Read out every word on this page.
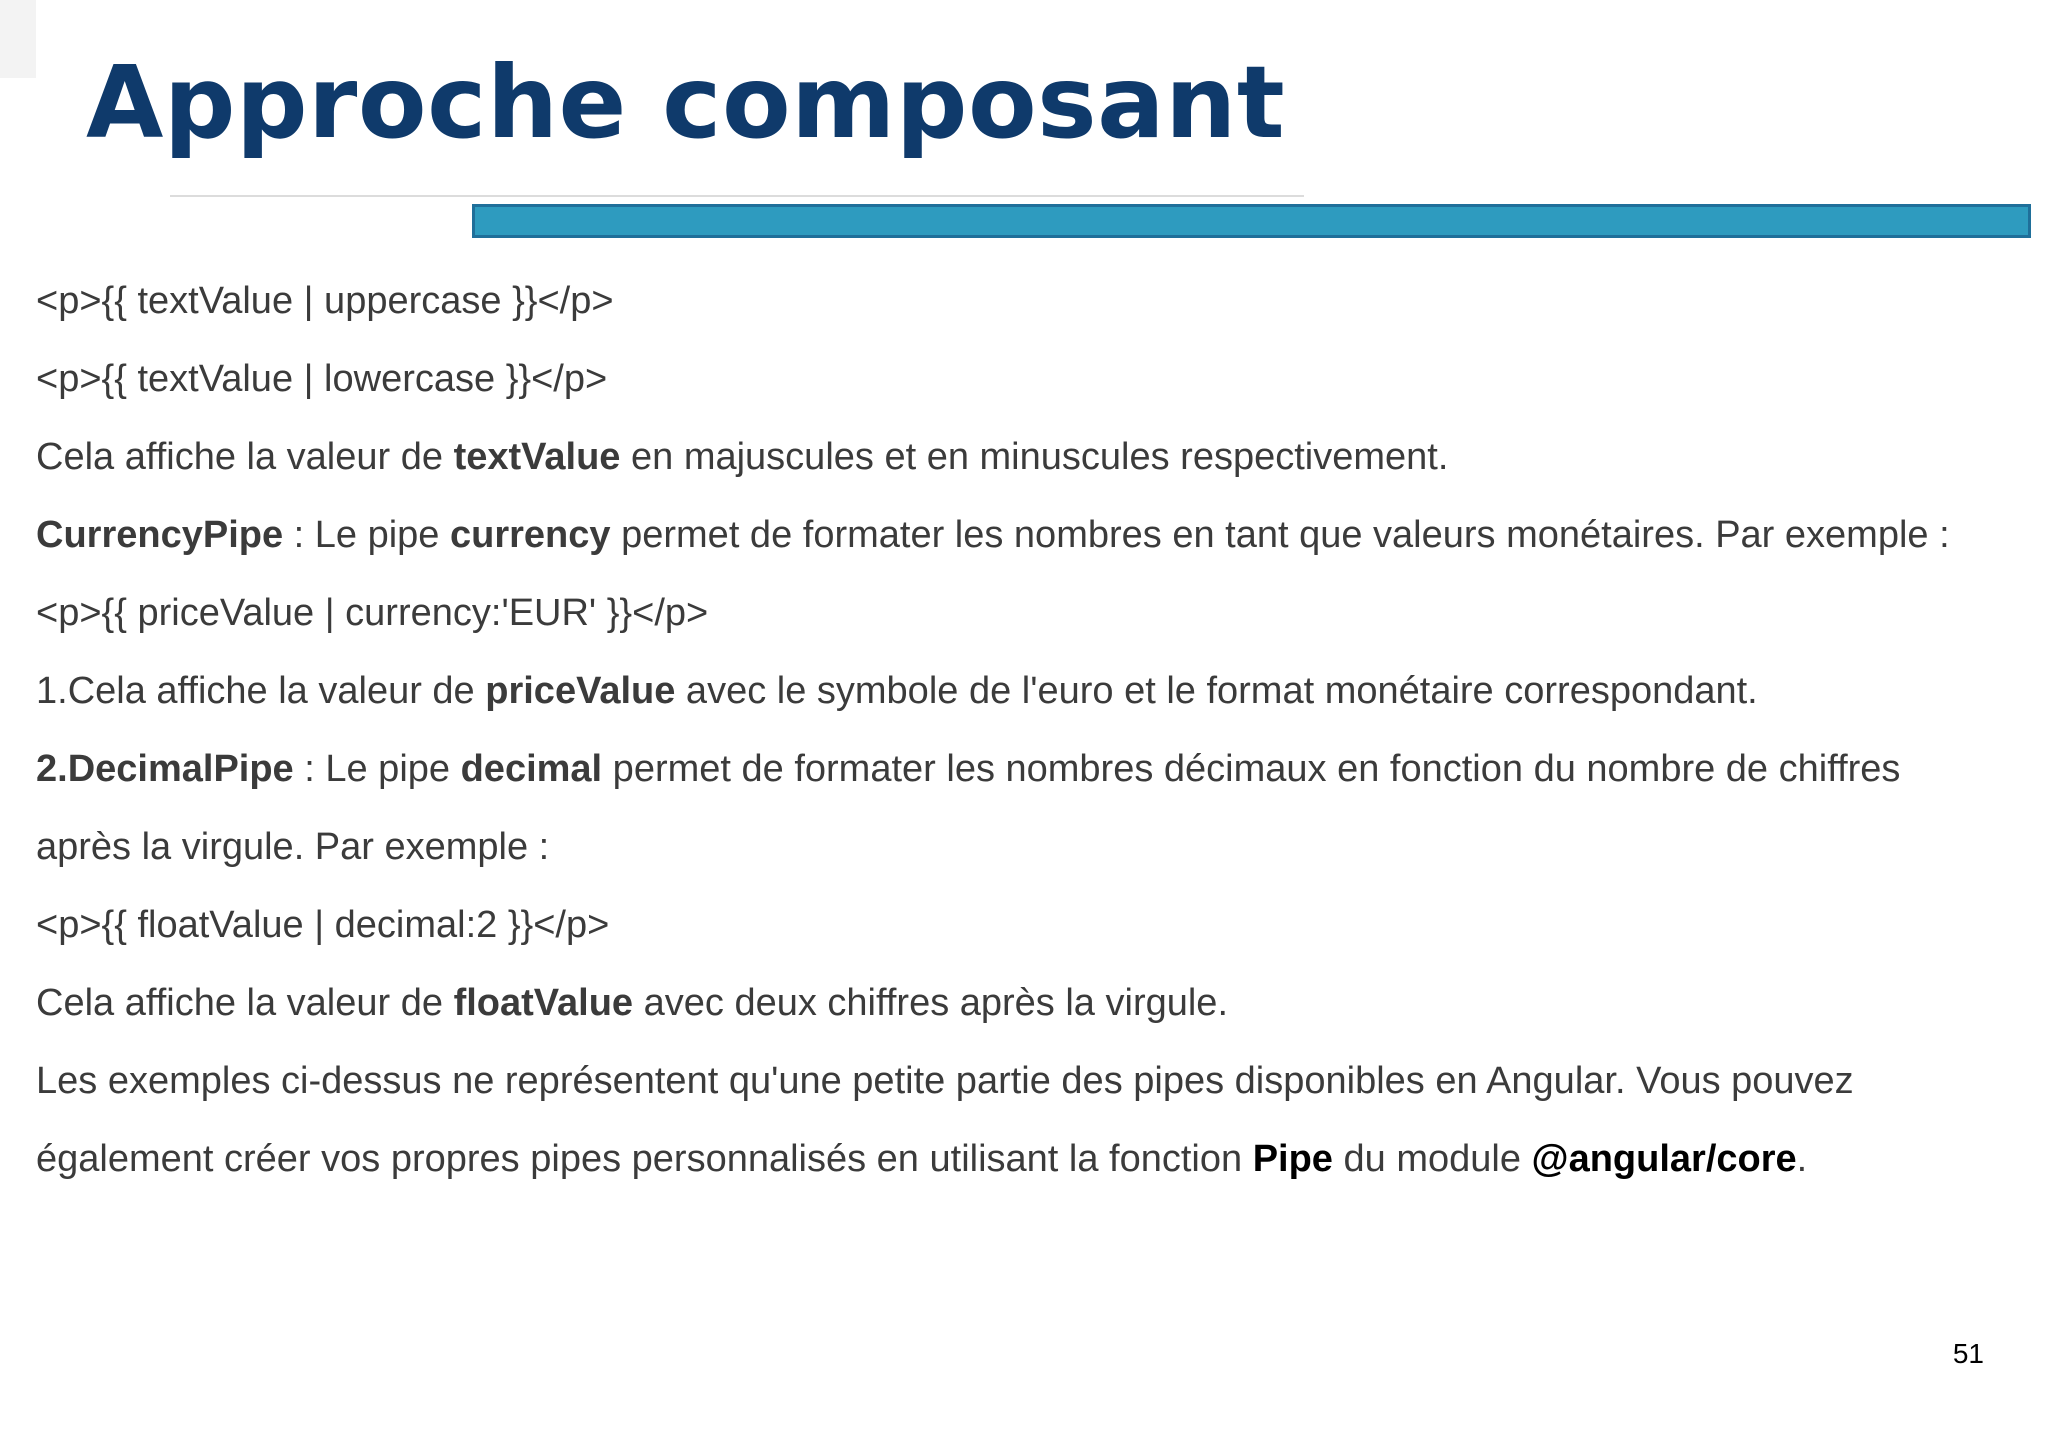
Approche composant
<p>{{ textValue | uppercase }}</p>
<p>{{ textValue | lowercase }}</p>
Cela affiche la valeur de textValue en majuscules et en minuscules respectivement.
CurrencyPipe : Le pipe currency permet de formater les nombres en tant que valeurs monétaires. Par exemple :
<p>{{ priceValue | currency:'EUR' }}</p>
1.Cela affiche la valeur de priceValue avec le symbole de l'euro et le format monétaire correspondant.
2.DecimalPipe : Le pipe decimal permet de formater les nombres décimaux en fonction du nombre de chiffres
après la virgule. Par exemple :
<p>{{ floatValue | decimal:2 }}</p>
Cela affiche la valeur de floatValue avec deux chiffres après la virgule.
Les exemples ci-dessus ne représentent qu'une petite partie des pipes disponibles en Angular. Vous pouvez
également créer vos propres pipes personnalisés en utilisant la fonction Pipe du module @angular/core.
51
